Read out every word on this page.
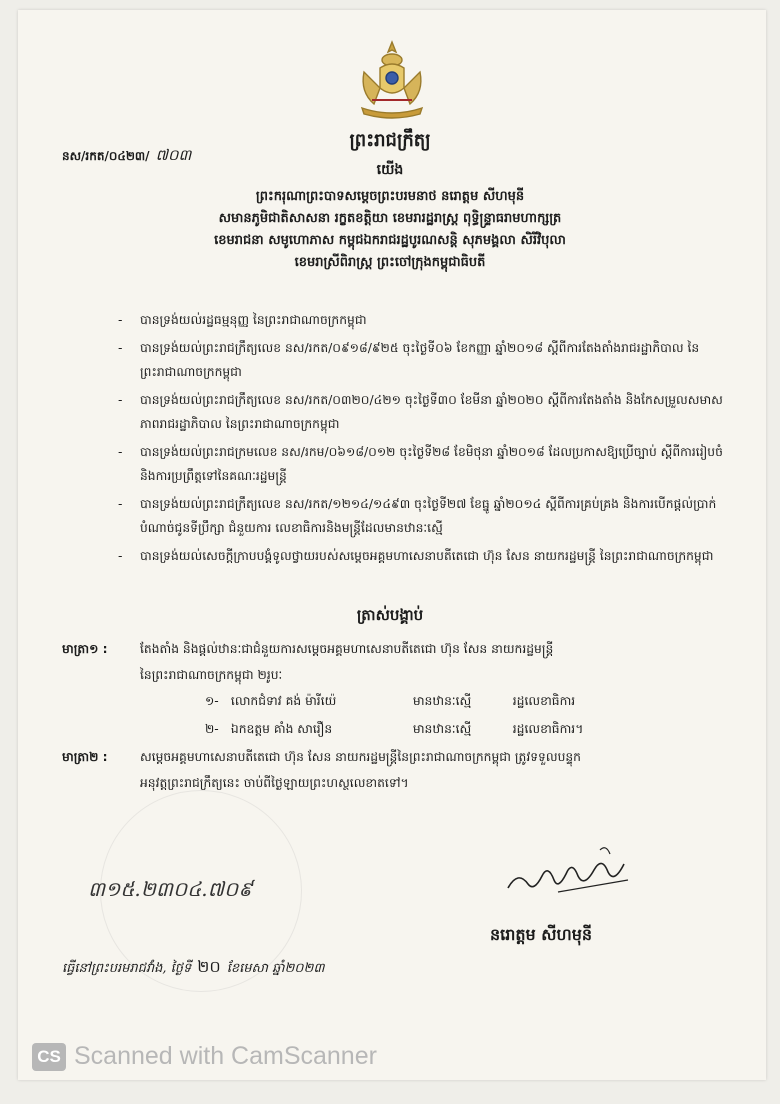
ព្រះរាជក្រឹត្យ
នស/រកត/០៤២៣/ ៧០៣
យើង
ព្រះករុណាព្រះបាទសម្ដេចព្រះបរមនាថ នរោត្តម សីហមុនី
សមានភូមិជាតិសាសនា រក្ខតខត្តិយា ខេមរារដ្ឋរាស្ត្រ ពុទ្ធិន្ទ្រាធរាមហាក្សត្រ
ខេមរាជនា សមូហោភាស កម្ពុជឯករាជរដ្ឋបូរណសន្តិ សុភមង្គលា សិរីវិបុលា
ខេមរាស្រីពិរាស្ត្រ ព្រះចៅក្រុងកម្ពុជាធិបតី
- បានទ្រង់យល់រដ្ឋធម្មនុញ្ញ នៃព្រះរាជាណាចក្រកម្ពុជា
- បានទ្រង់យល់ព្រះរាជក្រឹត្យលេខ នស/រកត/០៩១៨/៩២៥ ចុះថ្ងៃទី០៦ ខែកញ្ញា ឆ្នាំ២០១៨ ស្ដីពីការតែងតាំងរាជរដ្ឋាភិបាល នៃព្រះរាជាណាចក្រកម្ពុជា
- បានទ្រង់យល់ព្រះរាជក្រឹត្យលេខ នស/រកត/០៣២០/៤២១ ចុះថ្ងៃទី៣០ ខែមីនា ឆ្នាំ២០២០ ស្ដីពីការតែងតាំង និងកែសម្រួលសមាសភាពរាជរដ្ឋាភិបាល នៃព្រះរាជាណាចក្រកម្ពុជា
- បានទ្រង់យល់ព្រះរាជក្រមលេខ នស/រកម/០៦១៨/០១២ ចុះថ្ងៃទី២៨ ខែមិថុនា ឆ្នាំ២០១៨ ដែលប្រកាសឱ្យប្រើច្បាប់ ស្ដីពីការរៀបចំ និងការប្រព្រឹត្តទៅនៃគណៈរដ្ឋមន្ត្រី
- បានទ្រង់យល់ព្រះរាជក្រឹត្យលេខ នស/រកត/១២១៤/១៤៩៣ ចុះថ្ងៃទី២៧ ខែធ្នូ ឆ្នាំ២០១៤ ស្ដីពីការគ្រប់គ្រង និងការបើកផ្ដល់ប្រាក់បំណាច់ជូនទីប្រឹក្សា ជំនួយការ លេខាធិការនិងមន្ត្រីដែលមានឋានៈស្មើ
- បានទ្រង់យល់សេចក្ដីក្រាបបង្គំទូលថ្វាយរបស់សម្ដេចអគ្គមហាសេនាបតីតេជោ ហ៊ុន សែន នាយករដ្ឋមន្ត្រី នៃព្រះរាជាណាចក្រកម្ពុជា
ត្រាស់បង្គាប់
មាត្រា១ :	តែងតាំង និងផ្ដល់ឋានៈជាជំនួយការសម្ដេចអគ្គមហាសេនាបតីតេជោ ហ៊ុន សែន នាយករដ្ឋមន្ត្រី
នៃព្រះរាជាណាចក្រកម្ពុជា ២រូបៈ
១- លោកជំទាវ គង់ ម៉ារីយ៉េ	មានឋានៈស្មើ	រដ្ឋលេខាធិការ
២- ឯកឧត្តម គាំង សារឿន	មានឋានៈស្មើ	រដ្ឋលេខាធិការ។
មាត្រា២ :	សម្ដេចអគ្គមហាសេនាបតីតេជោ ហ៊ុន សែន នាយករដ្ឋមន្ត្រីនៃព្រះរាជាណាចក្រកម្ពុជា ត្រូវទទួលបន្ទុក
អនុវត្តព្រះរាជក្រឹត្យនេះ ចាប់ពីថ្ងៃឡាយព្រះហស្ថលេខាតទៅ។
៣១៥.២៣០៤.៧០៩
នរោត្តម សីហមុនី
ធ្វើនៅព្រះបរមរាជវាំង, ថ្ងៃទី ២០ ខែមេសា ឆ្នាំ២០២៣
CS Scanned with CamScanner
